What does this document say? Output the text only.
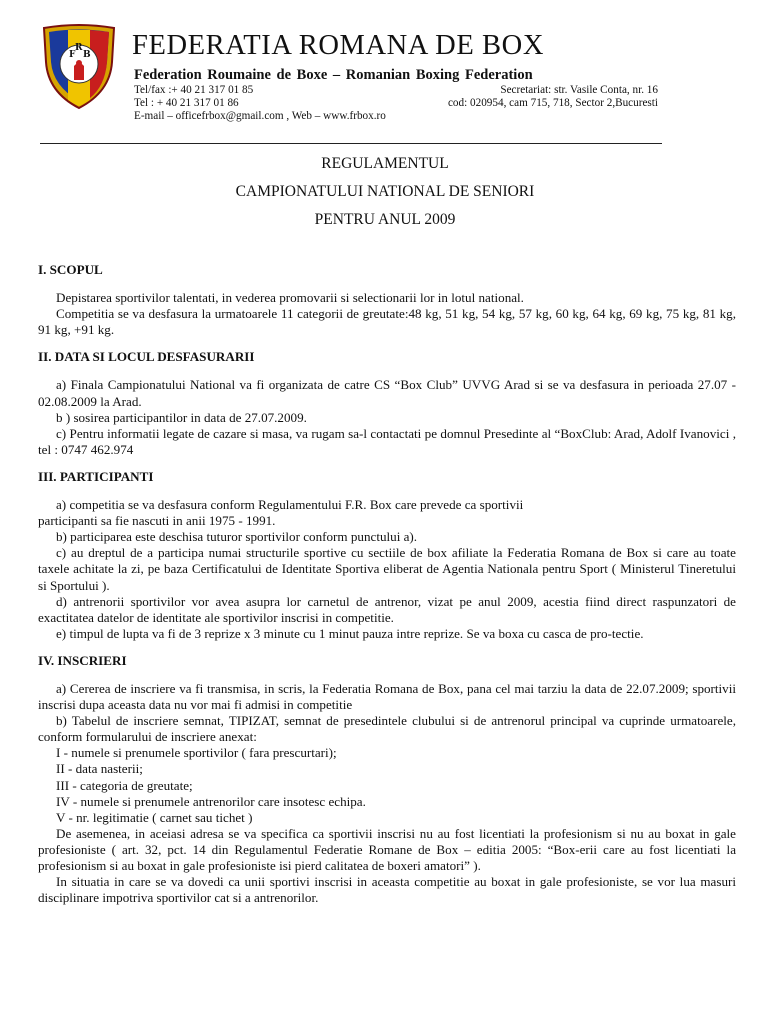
F
R
B FEDERATIA ROMANA DE BOX
Federation Roumaine de Boxe – Romanian Boxing Federation
Tel/fax :+ 40 21 317 01 85	Secretariat: str. Vasile Conta, nr. 16
Tel : + 40 21 317 01 86	cod: 020954, cam 715, 718, Sector 2,Bucuresti
E-mail – officefrbox@gmail.com , Web – www.frbox.ro
REGULAMENTUL
CAMPIONATULUI NATIONAL DE SENIORI
PENTRU ANUL 2009
I. SCOPUL

Depistarea sportivilor talentati, in vederea promovarii si selectionarii lor in lotul national.

Competitia se va desfasura la urmatoarele 11 categorii de greutate:48 kg, 51 kg, 54 kg, 57 kg, 60 kg, 64 kg, 69 kg, 75 kg, 81 kg, 91 kg, +91 kg.

II. DATA SI LOCUL DESFASURARII

a) Finala Campionatului National va fi organizata de catre CS “Box Club” UVVG Arad si se va desfasura in perioada 27.07 - 02.08.2009 la Arad.

b ) sosirea participantilor in data de 27.07.2009.

c) Pentru informatii legate de cazare si masa, va rugam sa-l contactati pe domnul Presedinte al “BoxClub: Arad, Adolf Ivanovici , tel : 0747 462.974

III. PARTICIPANTI

a) competitia se va desfasura conform Regulamentului F.R. Box care prevede ca sportivii

participanti sa fie nascuti in anii 1975 - 1991.

b) participarea este deschisa tuturor sportivilor conform punctului a).

c) au dreptul de a participa numai structurile sportive cu sectiile de box afiliate la Federatia Romana de Box si care au toate taxele achitate la zi, pe baza Certificatului de Identitate Sportiva eliberat de Agentia Nationala pentru Sport ( Ministerul Tineretului si Sportului ).

d) antrenorii sportivilor vor avea asupra lor carnetul de antrenor, vizat pe anul 2009, acestia fiind direct raspunzatori de exactitatea datelor de identitate ale sportivilor inscrisi in competitie.

e) timpul de lupta va fi de 3 reprize x 3 minute cu 1 minut pauza intre reprize. Se va boxa cu casca de pro-tectie.

IV. INSCRIERI

a) Cererea de inscriere va fi transmisa, in scris, la Federatia Romana de Box, pana cel mai tarziu la data de 22.07.2009; sportivii inscrisi dupa aceasta data nu vor mai fi admisi in competitie

b) Tabelul de inscriere semnat, TIPIZAT, semnat de presedintele clubului si de antrenorul principal va cuprinde urmatoarele, conform formularului de inscriere anexat:

I - numele si prenumele sportivilor ( fara prescurtari);
II - data nasterii;
III - categoria de greutate;
IV - numele si prenumele antrenorilor care insotesc echipa.
V - nr. legitimatie ( carnet sau tichet )

De asemenea, in aceiasi adresa se va specifica ca sportivii inscrisi nu au fost licentiati la profesionism si nu au boxat in gale profesioniste ( art. 32, pct. 14 din Regulamentul Federatie Romane de Box – editia 2005: “Box-erii care au fost licentiati la profesionism si au boxat in gale profesioniste isi pierd calitatea de boxeri amatori” ).

In situatia in care se va dovedi ca unii sportivi inscrisi in aceasta competitie au boxat in gale profesioniste, se vor lua masuri disciplinare impotriva sportivilor cat si a antrenorilor.
